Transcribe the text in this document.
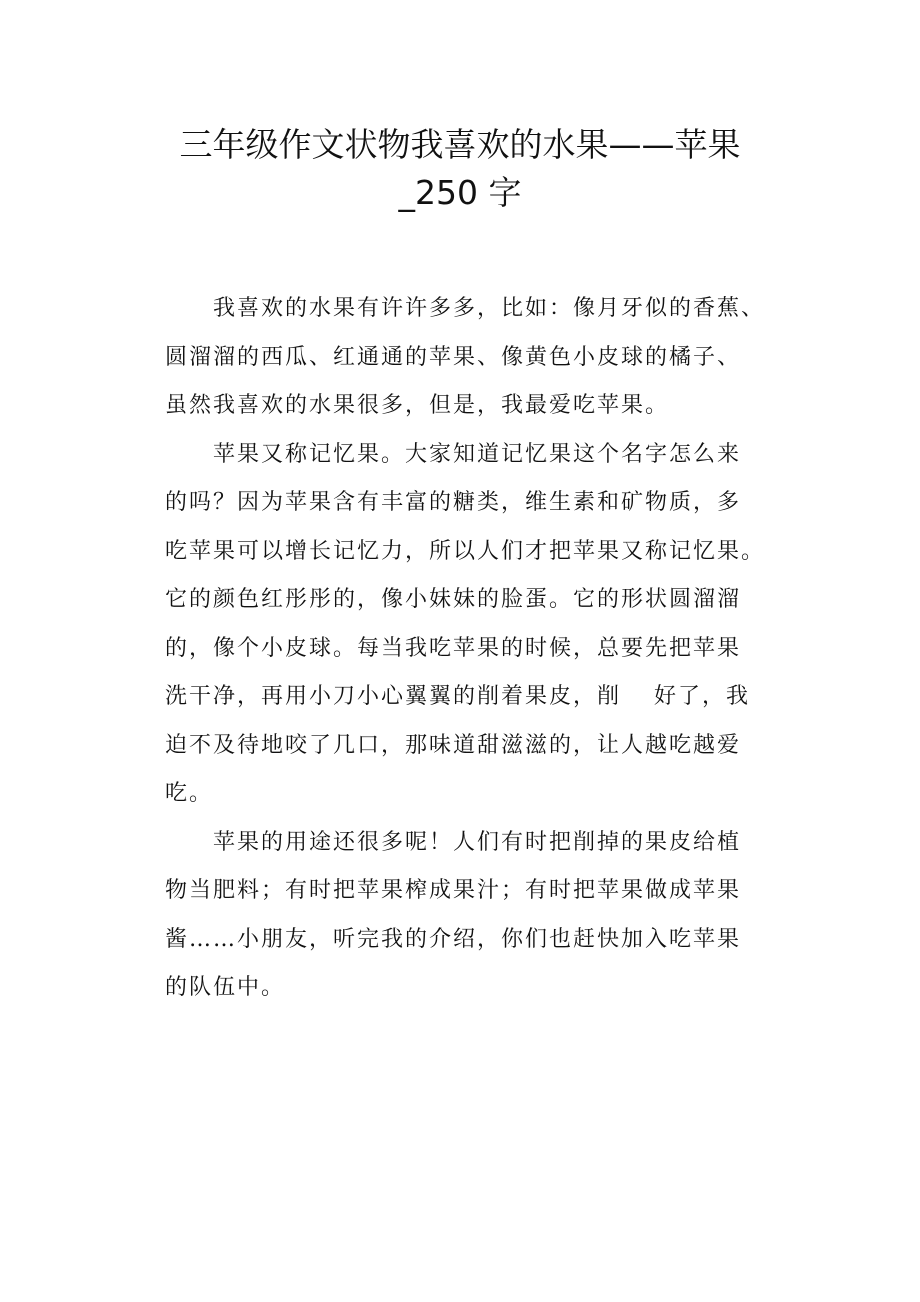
三年级作文状物我喜欢的水果——苹果
_250 字

我喜欢的水果有许许多多，比如：像月牙似的香蕉、
圆溜溜的西瓜、红通通的苹果、像黄色小皮球的橘子、
虽然我喜欢的水果很多，但是，我最爱吃苹果。

苹果又称记忆果。大家知道记忆果这个名字怎么来
的吗？因为苹果含有丰富的糖类，维生素和矿物质，多
吃苹果可以增长记忆力，所以人们才把苹果又称记忆果。
它的颜色红彤彤的，像小妹妹的脸蛋。它的形状圆溜溜
的，像个小皮球。每当我吃苹果的时候，总要先把苹果
洗干净，再用小刀小心翼翼的削着果皮，削　 好了，我
迫不及待地咬了几口，那味道甜滋滋的，让人越吃越爱
吃。

苹果的用途还很多呢！人们有时把削掉的果皮给植
物当肥料；有时把苹果榨成果汁；有时把苹果做成苹果
酱……小朋友，听完我的介绍，你们也赶快加入吃苹果
的队伍中。
